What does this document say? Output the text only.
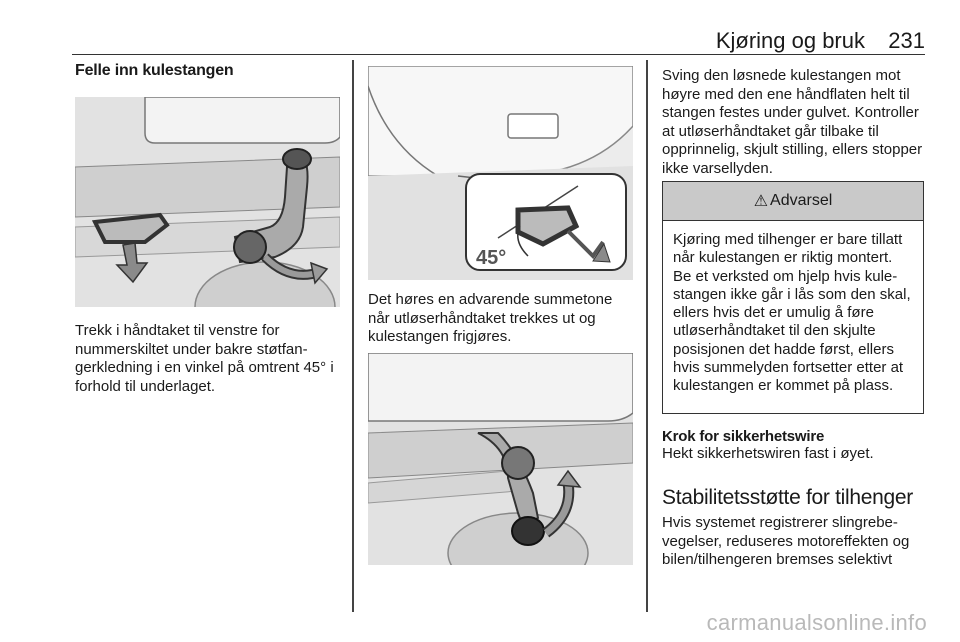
Kjøring og bruk 231
Felle inn kulestangen

Trekk i håndtaket til venstre for nummerskiltet under bakre støtfangerkledning i en vinkel på omtrent 45° i forhold til underlaget.

45°

Det høres en advarende summetone når utløserhåndtaket trekkes ut og kulestangen frigjøres.

Sving den løsnede kulestangen mot høyre med den ene håndflaten helt til stangen festes under gulvet. Kontroller at utløserhåndtaket går tilbake til opprinnelig, skjult stilling, ellers stopper ikke varsellyden.

⚠ Advarsel

Kjøring med tilhenger er bare tillatt når kulestangen er riktig montert. Be et verksted om hjelp hvis kulestangen ikke går i lås som den skal, ellers hvis det er umulig å føre utløserhåndtaket til den skjulte posisjonen det hadde først, ellers hvis summelyden fortsetter etter at kulestangen er kommet på plass.

Krok for sikkerhetswire

Hekt sikkerhetswiren fast i øyet.

Stabilitetsstøtte for tilhenger

Hvis systemet registrerer slingrebevegelser, reduseres motoreffekten og bilen/tilhengeren bremses selektivt

carmanualsonline.info
